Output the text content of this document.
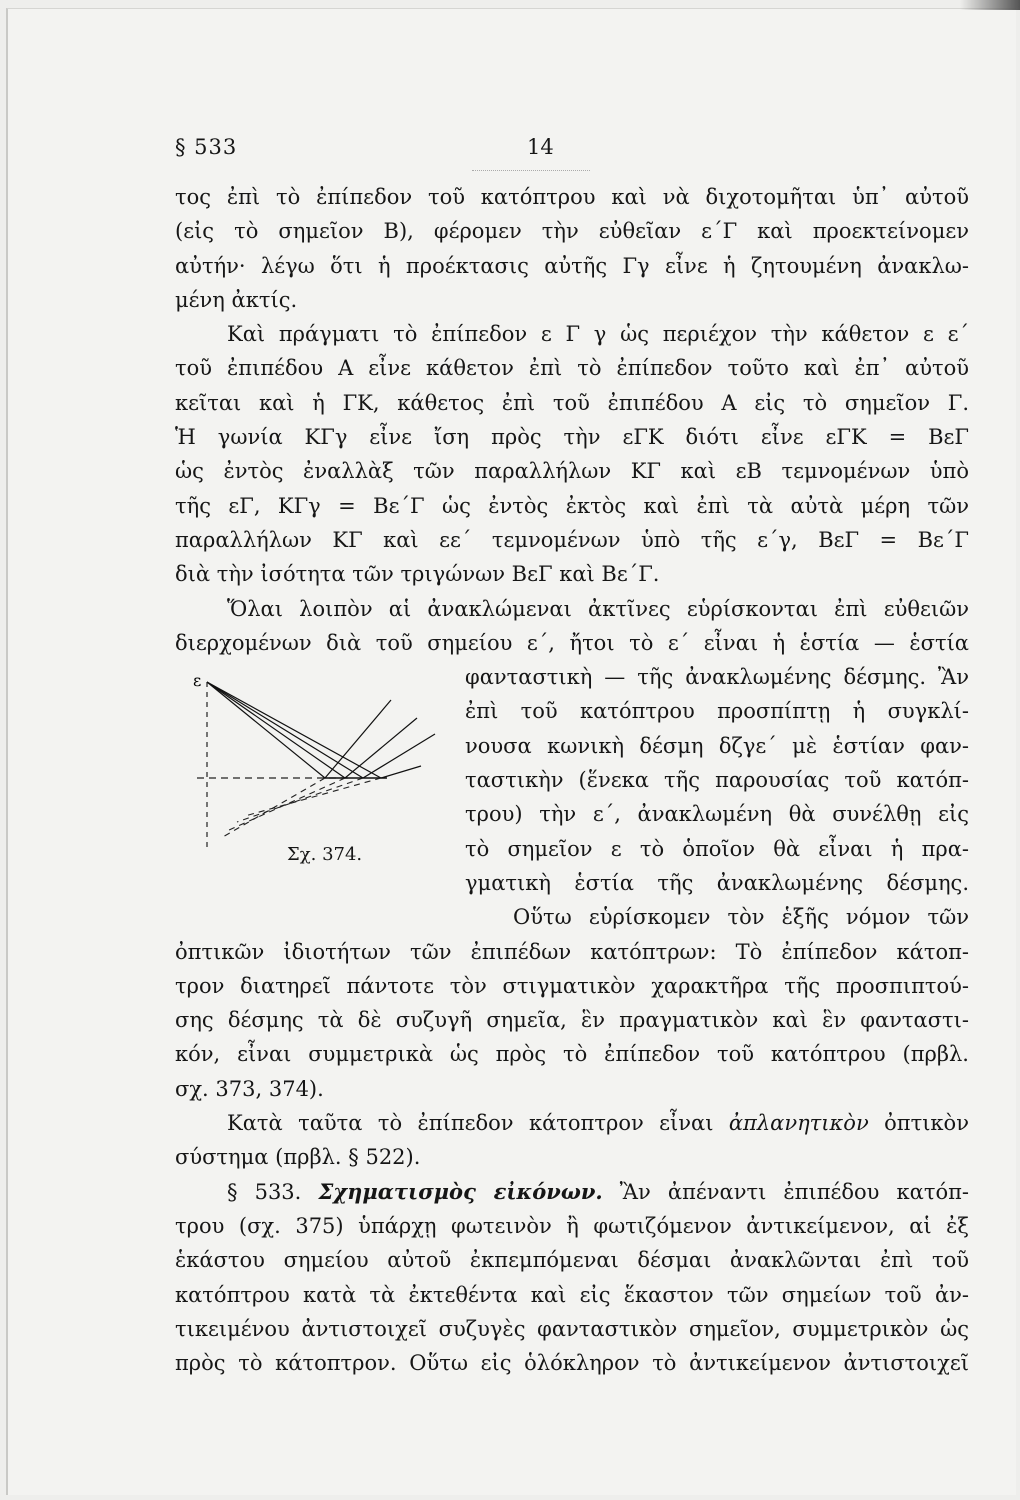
§ 533	14

τος ἐπὶ τὸ ἐπίπεδον τοῦ κατόπτρου καὶ νὰ διχοτομῆται ὑπ᾽ αὐτοῦ
(εἰς τὸ σημεῖον B), φέρομεν τὴν εὐθεῖαν ε΄Γ καὶ προεκτείνομεν
αὐτήν· λέγω ὅτι ἡ προέκτασις αὐτῆς Γγ εἶνε ἡ ζητουμένη ἀνακλω-
μένη ἀκτίς.

Καὶ πράγματι τὸ ἐπίπεδον ε Γ γ ὡς περιέχον τὴν κάθετον ε ε΄
τοῦ ἐπιπέδου Α εἶνε κάθετον ἐπὶ τὸ ἐπίπεδον τοῦτο καὶ ἐπ᾽ αὐτοῦ
κεῖται καὶ ἡ ΓΚ, κάθετος ἐπὶ τοῦ ἐπιπέδου Α εἰς τὸ σημεῖον Γ.
Ἡ γωνία ΚΓγ εἶνε ἴση πρὸς τὴν εΓΚ διότι εἶνε εΓΚ = ΒεΓ
ὡς ἐντὸς ἐναλλὰξ τῶν παραλλήλων ΚΓ καὶ εΒ τεμνομένων ὑπὸ
τῆς εΓ, ΚΓγ = Βε΄Γ ὡς ἐντὸς ἐκτὸς καὶ ἐπὶ τὰ αὐτὰ μέρη τῶν
παραλλήλων ΚΓ καὶ εε΄ τεμνομένων ὑπὸ τῆς ε΄γ, ΒεΓ = Βε΄Γ
διὰ τὴν ἰσότητα τῶν τριγώνων ΒεΓ καὶ Βε΄Γ.

Ὅλαι λοιπὸν αἱ ἀνακλώμεναι ἀκτῖνες εὑρίσκονται ἐπὶ εὐθειῶν
διερχομένων διὰ τοῦ σημείου ε΄, ἤτοι τὸ ε΄ εἶναι ἡ ἑστία — ἑστία

ε
Σχ. 374.
φανταστικὴ — τῆς ἀνακλωμένης δέσμης. Ἂν
ἐπὶ τοῦ κατόπτρου προσπίπτῃ ἡ συγκλί-
νουσα κωνικὴ δέσμη δζγε΄ μὲ ἑστίαν φαν-
ταστικὴν (ἕνεκα τῆς παρουσίας τοῦ κατόπ-
τρου) τὴν ε΄, ἀνακλωμένη θὰ συνέλθῃ εἰς
τὸ σημεῖον ε τὸ ὁποῖον θὰ εἶναι ἡ πρα-
γματικὴ ἑστία τῆς ἀνακλωμένης δέσμης.

Οὕτω εὑρίσκομεν τὸν ἑξῆς νόμον τῶν
ὀπτικῶν ἰδιοτήτων τῶν ἐπιπέδων κατόπτρων: Τὸ ἐπίπεδον κάτοπ-
τρον διατηρεῖ πάντοτε τὸν στιγματικὸν χαρακτῆρα τῆς προσπιπτού-
σης δέσμης τὰ δὲ συζυγῆ σημεῖα, ἓν πραγματικὸν καὶ ἓν φανταστι-
κόν, εἶναι συμμετρικὰ ὡς πρὸς τὸ ἐπίπεδον τοῦ κατόπτρου (πρβλ.
σχ. 373, 374).

Κατὰ ταῦτα τὸ ἐπίπεδον κάτοπτρον εἶναι ἀπλανητικὸν ὀπτικὸν
σύστημα (πρβλ. § 522).

§ 533. Σχηματισμὸς εἰκόνων. Ἂν ἀπέναντι ἐπιπέδου κατόπ-
τρου (σχ. 375) ὑπάρχῃ φωτεινὸν ἢ φωτιζόμενον ἀντικείμενον, αἱ ἐξ
ἑκάστου σημείου αὐτοῦ ἐκπεμπόμεναι δέσμαι ἀνακλῶνται ἐπὶ τοῦ
κατόπτρου κατὰ τὰ ἐκτεθέντα καὶ εἰς ἕκαστον τῶν σημείων τοῦ ἀν-
τικειμένου ἀντιστοιχεῖ συζυγὲς φανταστικὸν σημεῖον, συμμετρικὸν ὡς
πρὸς τὸ κάτοπτρον. Οὕτω εἰς ὁλόκληρον τὸ ἀντικείμενον ἀντιστοιχεῖ
